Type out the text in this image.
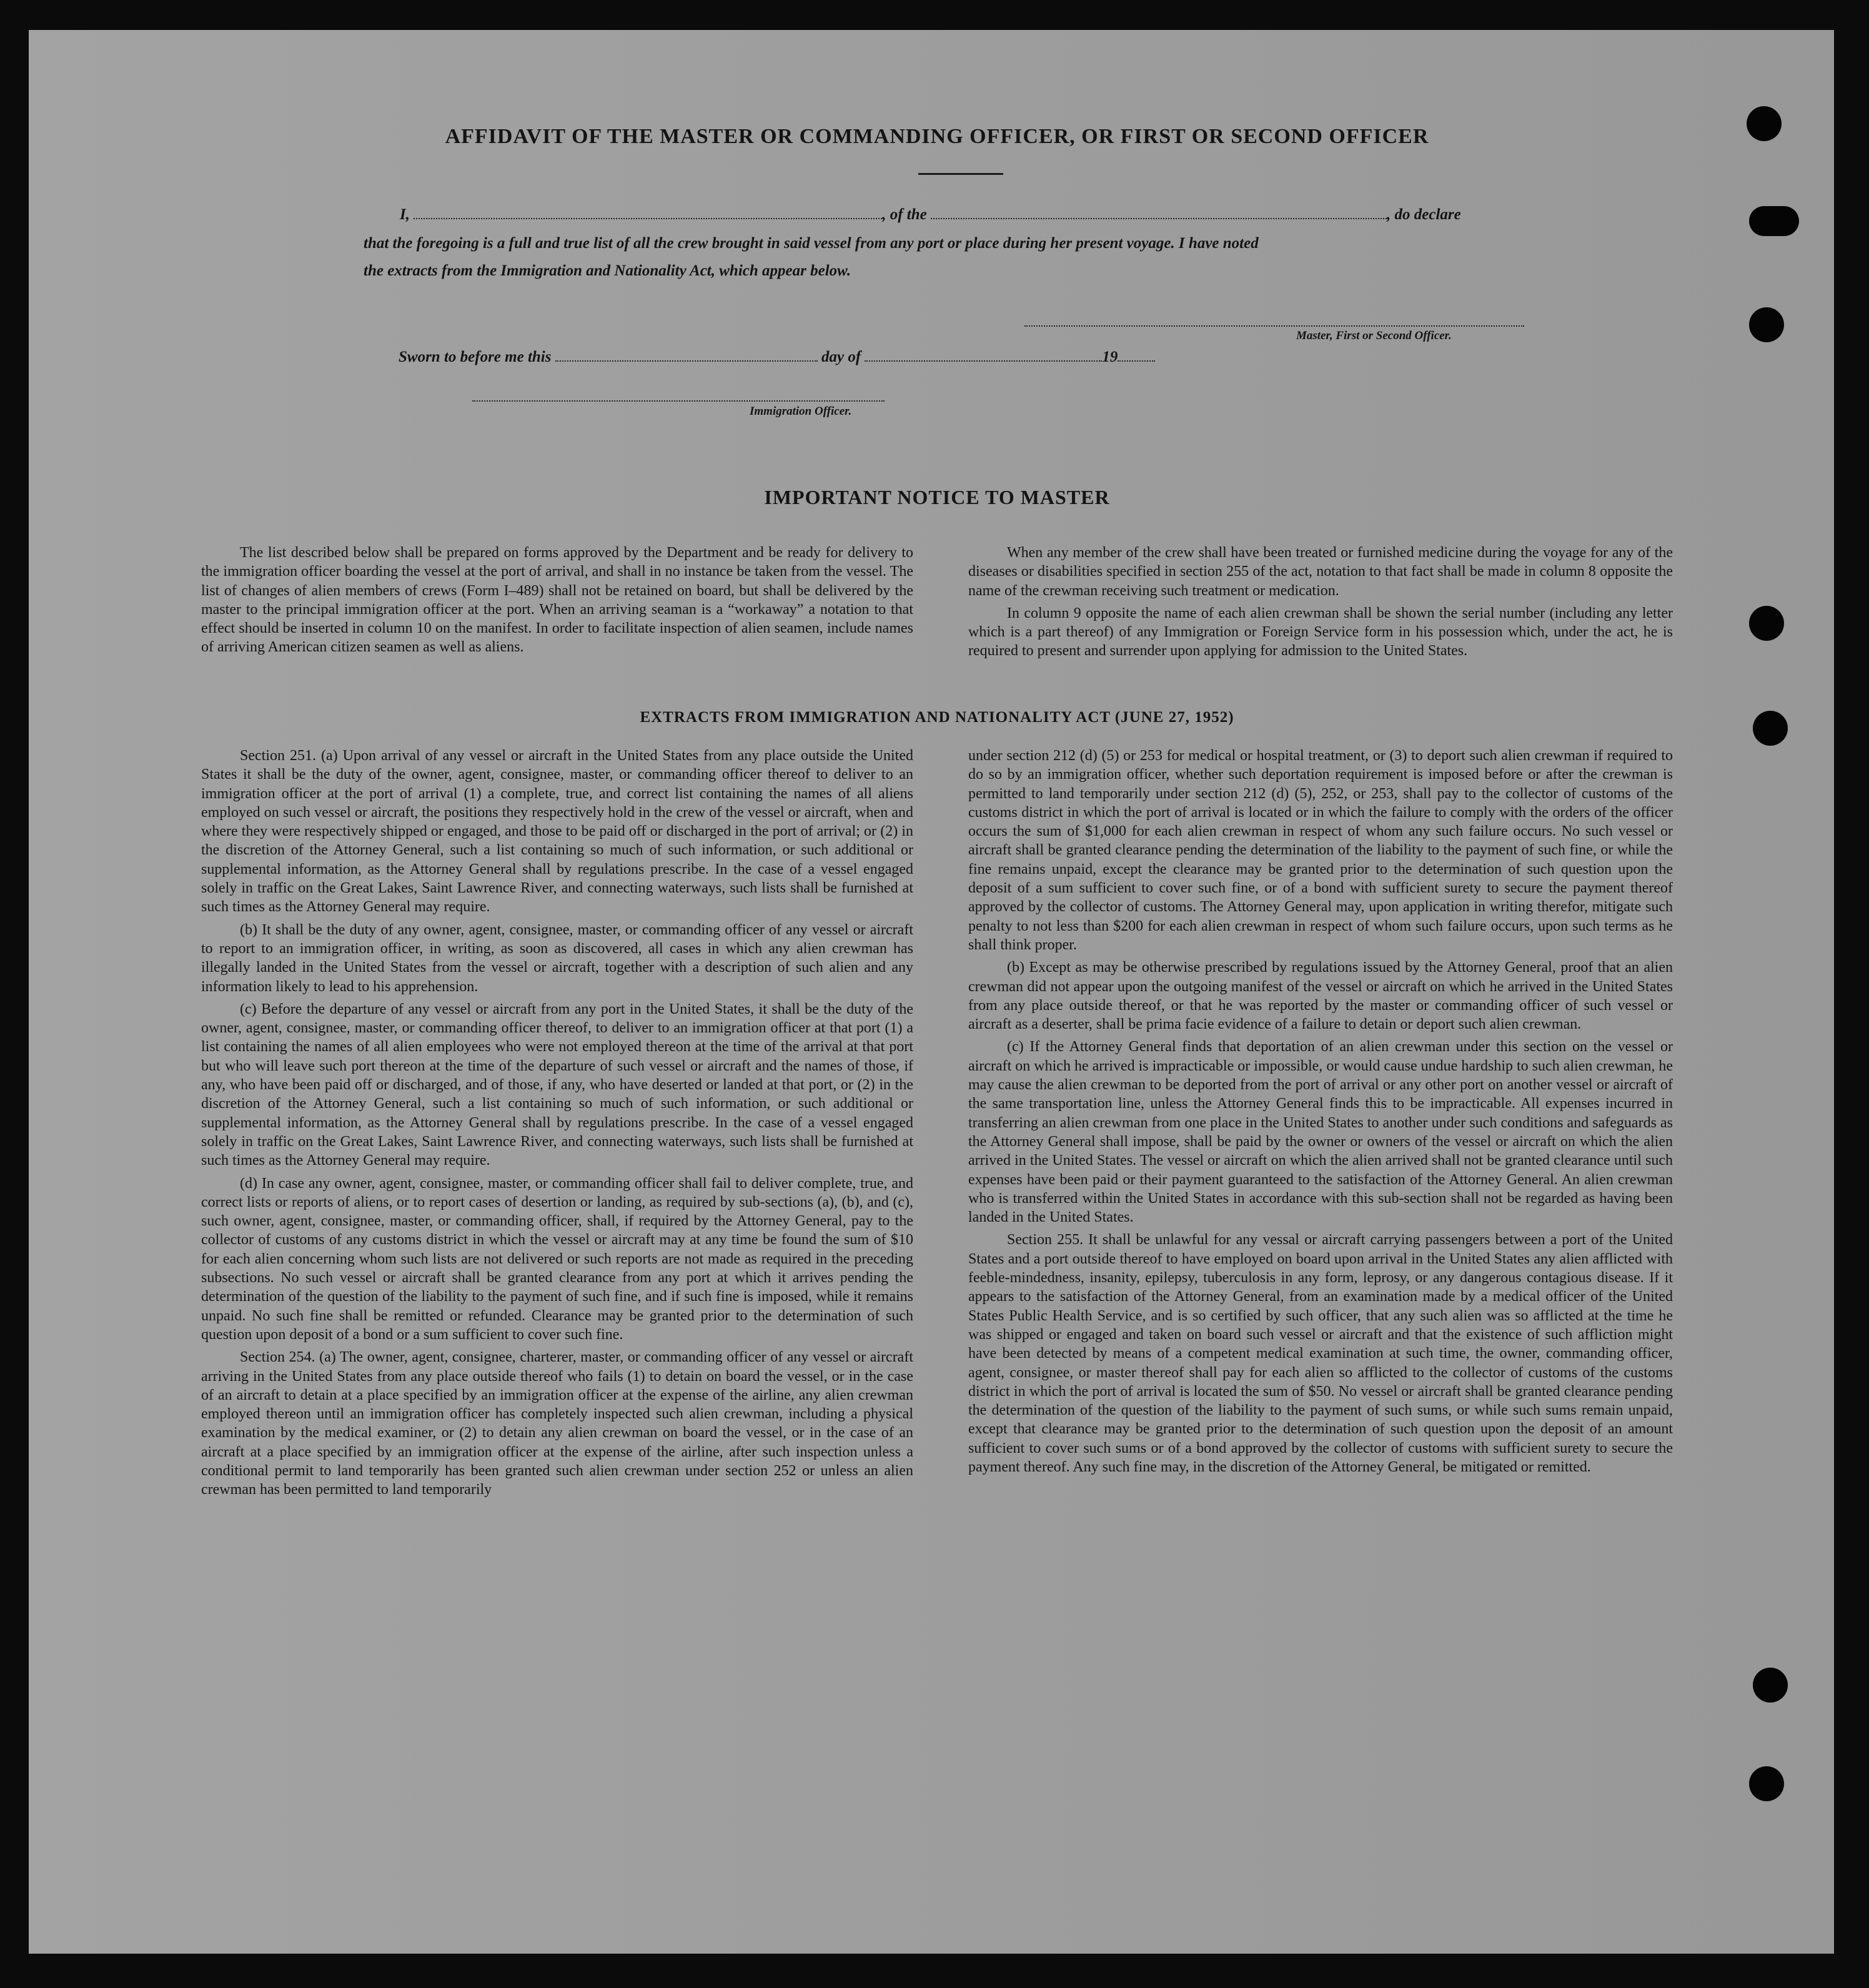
AFFIDAVIT OF THE MASTER OR COMMANDING OFFICER, OR FIRST OR SECOND OFFICER
I,	, of the	, do declare
that the foregoing is a full and true list of all the crew brought in said vessel from any port or place during her present voyage. I have noted
the extracts from the Immigration and Nationality Act, which appear below.
Master, First or Second Officer.
Sworn to before me this	day of	19
Immigration Officer.
IMPORTANT NOTICE TO MASTER

The list described below shall be prepared on forms approved by the Department and be ready for delivery to the immigration officer boarding the vessel at the port of arrival, and shall in no instance be taken from the vessel. The list of changes of alien members of crews (Form I–489) shall not be retained on board, but shall be delivered by the master to the principal immigration officer at the port. When an arriving seaman is a “workaway” a notation to that effect should be inserted in column 10 on the manifest. In order to facilitate inspection of alien seamen, include names of arriving American citizen seamen as well as aliens.

When any member of the crew shall have been treated or furnished medicine during the voyage for any of the diseases or disabilities specified in section 255 of the act, notation to that fact shall be made in column 8 opposite the name of the crewman receiving such treatment or medication.

In column 9 opposite the name of each alien crewman shall be shown the serial number (including any letter which is a part thereof) of any Immigration or Foreign Service form in his possession which, under the act, he is required to present and surrender upon applying for admission to the United States.

EXTRACTS FROM IMMIGRATION AND NATIONALITY ACT (JUNE 27, 1952)

Section 251. (a) Upon arrival of any vessel or aircraft in the United States from any place outside the United States it shall be the duty of the owner, agent, consignee, master, or commanding officer thereof to deliver to an immigration officer at the port of arrival (1) a complete, true, and correct list containing the names of all aliens employed on such vessel or aircraft, the positions they respectively hold in the crew of the vessel or aircraft, when and where they were respectively shipped or engaged, and those to be paid off or discharged in the port of arrival; or (2) in the discretion of the Attorney General, such a list containing so much of such information, or such additional or supplemental information, as the Attorney General shall by regulations prescribe. In the case of a vessel engaged solely in traffic on the Great Lakes, Saint Lawrence River, and connecting waterways, such lists shall be furnished at such times as the Attorney General may require.

(b) It shall be the duty of any owner, agent, consignee, master, or commanding officer of any vessel or aircraft to report to an immigration officer, in writing, as soon as discovered, all cases in which any alien crewman has illegally landed in the United States from the vessel or aircraft, together with a description of such alien and any information likely to lead to his apprehension.

(c) Before the departure of any vessel or aircraft from any port in the United States, it shall be the duty of the owner, agent, consignee, master, or commanding officer thereof, to deliver to an immigration officer at that port (1) a list containing the names of all alien employees who were not employed thereon at the time of the arrival at that port but who will leave such port thereon at the time of the departure of such vessel or aircraft and the names of those, if any, who have been paid off or discharged, and of those, if any, who have deserted or landed at that port, or (2) in the discretion of the Attorney General, such a list containing so much of such information, or such additional or supplemental information, as the Attorney General shall by regulations prescribe. In the case of a vessel engaged solely in traffic on the Great Lakes, Saint Lawrence River, and connecting waterways, such lists shall be furnished at such times as the Attorney General may require.

(d) In case any owner, agent, consignee, master, or commanding officer shall fail to deliver complete, true, and correct lists or reports of aliens, or to report cases of desertion or landing, as required by sub-sections (a), (b), and (c), such owner, agent, consignee, master, or commanding officer, shall, if required by the Attorney General, pay to the collector of customs of any customs district in which the vessel or aircraft may at any time be found the sum of $10 for each alien concerning whom such lists are not delivered or such reports are not made as required in the preceding subsections. No such vessel or aircraft shall be granted clearance from any port at which it arrives pending the determination of the question of the liability to the payment of such fine, and if such fine is imposed, while it remains unpaid. No such fine shall be remitted or refunded. Clearance may be granted prior to the determination of such question upon deposit of a bond or a sum sufficient to cover such fine.

Section 254. (a) The owner, agent, consignee, charterer, master, or commanding officer of any vessel or aircraft arriving in the United States from any place outside thereof who fails (1) to detain on board the vessel, or in the case of an aircraft to detain at a place specified by an immigration officer at the expense of the airline, any alien crewman employed thereon until an immigration officer has completely inspected such alien crewman, including a physical examination by the medical examiner, or (2) to detain any alien crewman on board the vessel, or in the case of an aircraft at a place specified by an immigration officer at the expense of the airline, after such inspection unless a conditional permit to land temporarily has been granted such alien crewman under section 252 or unless an alien crewman has been permitted to land temporarily

under section 212 (d) (5) or 253 for medical or hospital treatment, or (3) to deport such alien crewman if required to do so by an immigration officer, whether such deportation requirement is imposed before or after the crewman is permitted to land temporarily under section 212 (d) (5), 252, or 253, shall pay to the collector of customs of the customs district in which the port of arrival is located or in which the failure to comply with the orders of the officer occurs the sum of $1,000 for each alien crewman in respect of whom any such failure occurs. No such vessel or aircraft shall be granted clearance pending the determination of the liability to the payment of such fine, or while the fine remains unpaid, except the clearance may be granted prior to the determination of such question upon the deposit of a sum sufficient to cover such fine, or of a bond with sufficient surety to secure the payment thereof approved by the collector of customs. The Attorney General may, upon application in writing therefor, mitigate such penalty to not less than $200 for each alien crewman in respect of whom such failure occurs, upon such terms as he shall think proper.

(b) Except as may be otherwise prescribed by regulations issued by the Attorney General, proof that an alien crewman did not appear upon the outgoing manifest of the vessel or aircraft on which he arrived in the United States from any place outside thereof, or that he was reported by the master or commanding officer of such vessel or aircraft as a deserter, shall be prima facie evidence of a failure to detain or deport such alien crewman.

(c) If the Attorney General finds that deportation of an alien crewman under this section on the vessel or aircraft on which he arrived is impracticable or impossible, or would cause undue hardship to such alien crewman, he may cause the alien crewman to be deported from the port of arrival or any other port on another vessel or aircraft of the same transportation line, unless the Attorney General finds this to be impracticable. All expenses incurred in transferring an alien crewman from one place in the United States to another under such conditions and safeguards as the Attorney General shall impose, shall be paid by the owner or owners of the vessel or aircraft on which the alien arrived in the United States. The vessel or aircraft on which the alien arrived shall not be granted clearance until such expenses have been paid or their payment guaranteed to the satisfaction of the Attorney General. An alien crewman who is transferred within the United States in accordance with this sub-section shall not be regarded as having been landed in the United States.

Section 255. It shall be unlawful for any vessal or aircraft carrying passengers between a port of the United States and a port outside thereof to have employed on board upon arrival in the United States any alien afflicted with feeble-mindedness, insanity, epilepsy, tuberculosis in any form, leprosy, or any dangerous contagious disease. If it appears to the satisfaction of the Attorney General, from an examination made by a medical officer of the United States Public Health Service, and is so certified by such officer, that any such alien was so afflicted at the time he was shipped or engaged and taken on board such vessel or aircraft and that the existence of such affliction might have been detected by means of a competent medical examination at such time, the owner, commanding officer, agent, consignee, or master thereof shall pay for each alien so afflicted to the collector of customs of the customs district in which the port of arrival is located the sum of $50. No vessel or aircraft shall be granted clearance pending the determination of the question of the liability to the payment of such sums, or while such sums remain unpaid, except that clearance may be granted prior to the determination of such question upon the deposit of an amount sufficient to cover such sums or of a bond approved by the collector of customs with sufficient surety to secure the payment thereof. Any such fine may, in the discretion of the Attorney General, be mitigated or remitted.
